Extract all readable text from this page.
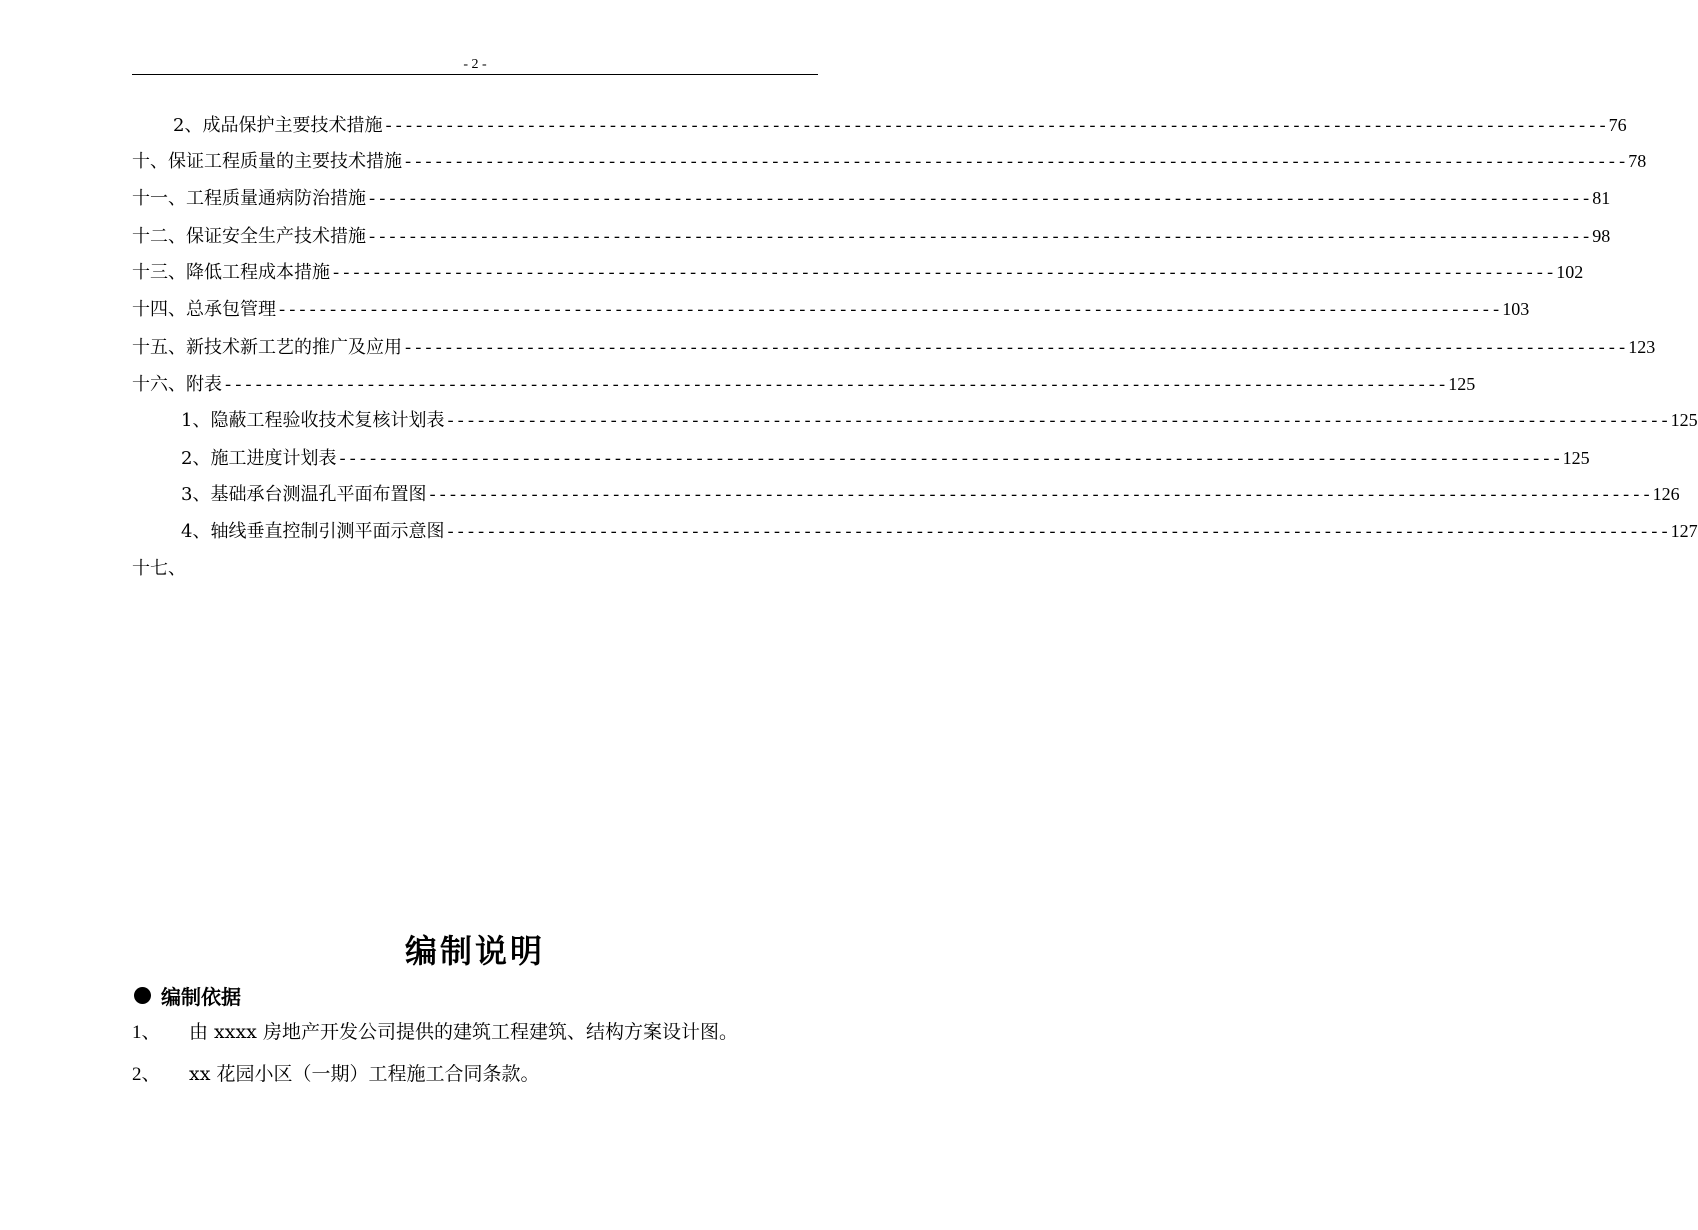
- 2 -
2、 成品保护主要技术措施 ------------------------------------------------------------------------------------------------------------------------ 76
十、 保证工程质量的主要技术措施 ------------------------------------------------------------------------------------------------------------------------ 78
十一、 工程质量通病防治措施 ------------------------------------------------------------------------------------------------------------------------ 81
十二、 保证安全生产技术措施 ------------------------------------------------------------------------------------------------------------------------ 98
十三、 降低工程成本措施 ------------------------------------------------------------------------------------------------------------------------ 102
十四、 总承包管理 ------------------------------------------------------------------------------------------------------------------------ 103
十五、 新技术新工艺的推广及应用 ------------------------------------------------------------------------------------------------------------------------ 123
十六、 附表 ------------------------------------------------------------------------------------------------------------------------ 125
1、 隐蔽工程验收技术复核计划表 ------------------------------------------------------------------------------------------------------------------------ 125
2、 施工进度计划表 ------------------------------------------------------------------------------------------------------------------------ 125
3、 基础承台测温孔平面布置图 ------------------------------------------------------------------------------------------------------------------------ 126
4、 轴线垂直控制引测平面示意图 ------------------------------------------------------------------------------------------------------------------------ 127
十七、
编制说明
编制依据
1、 由 xxxx 房地产开发公司提供的建筑工程建筑、结构方案设计图。
2、 xx 花园小区（一期）工程施工合同条款。
